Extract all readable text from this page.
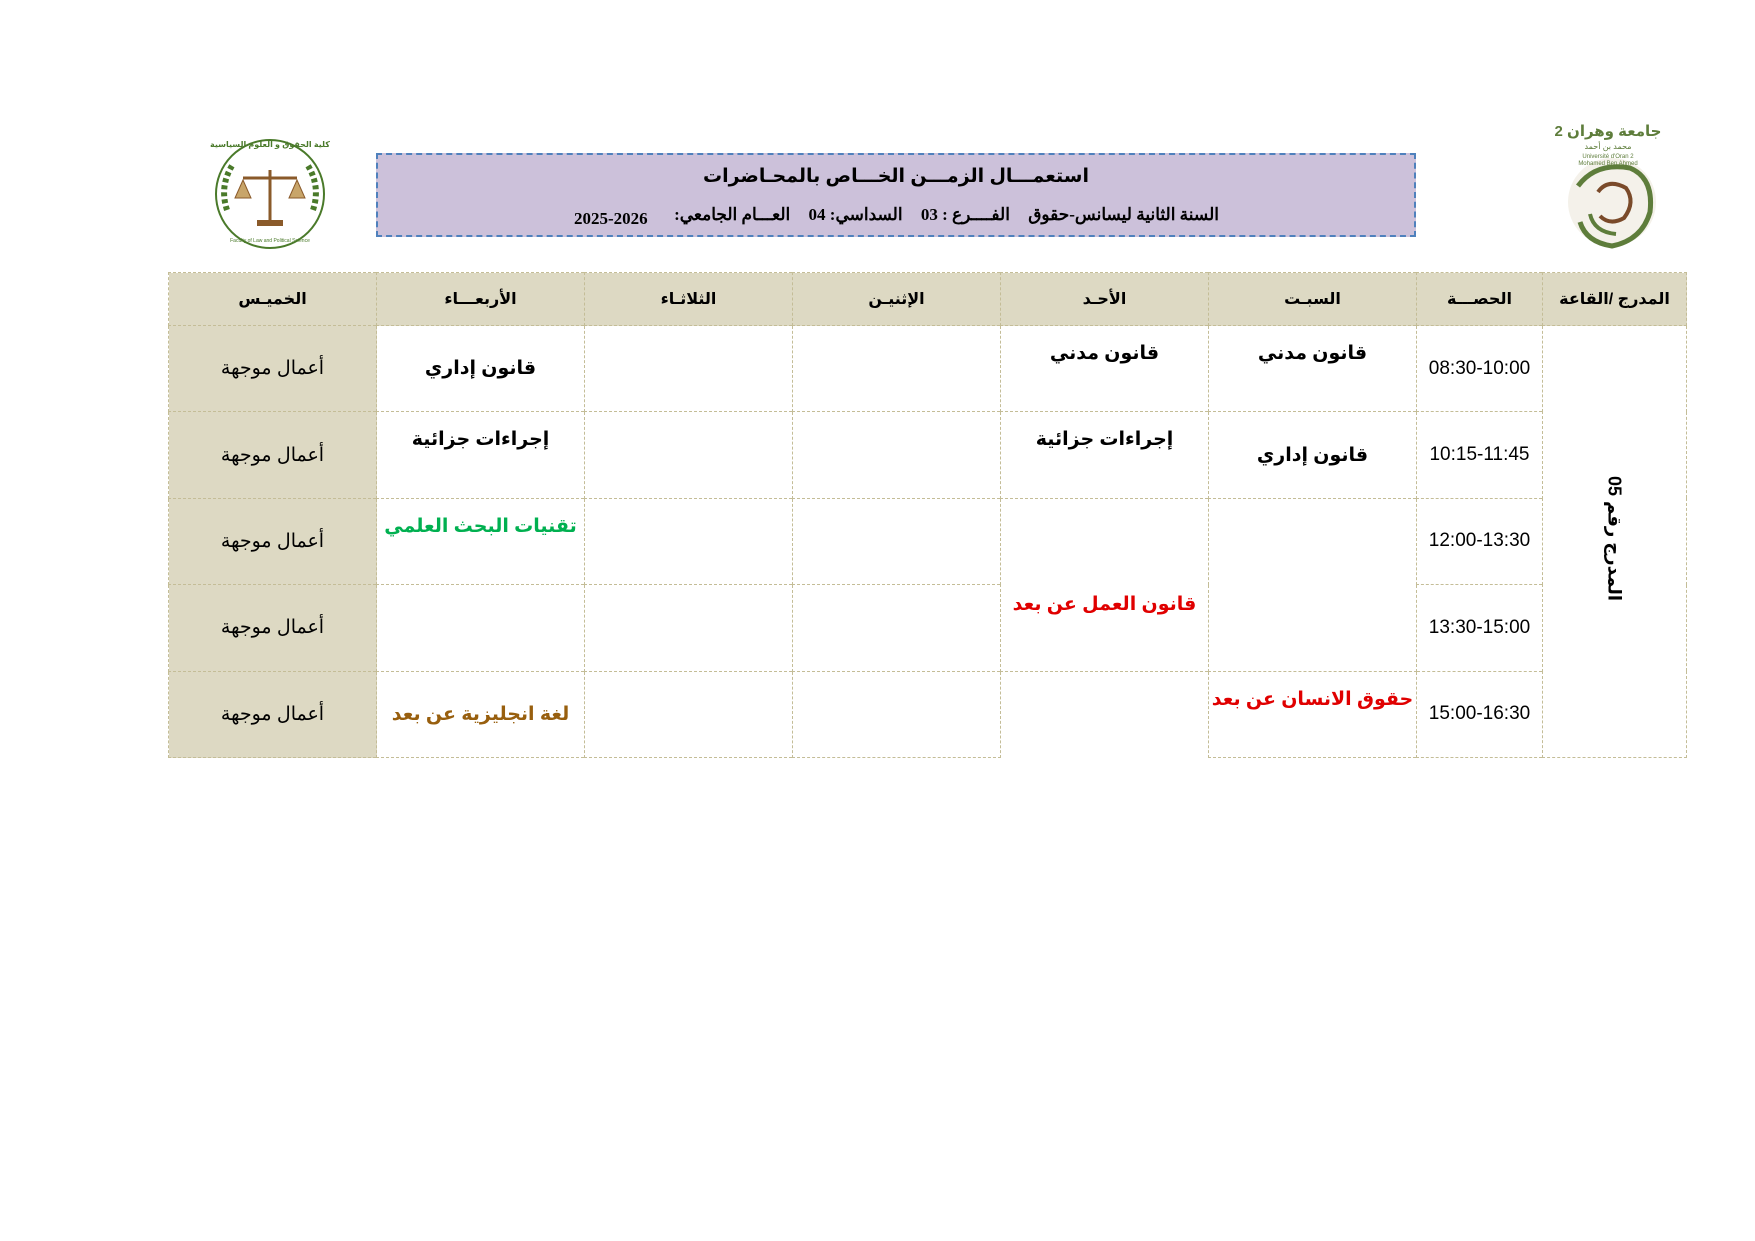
جامعة وهران 2
محمد بن أحمد
Université d'Oran 2
Mohamed Ben Ahmed
كلية الحقوق و العلوم السياسية
Faculty of Law and Political Science
استعمـــال الزمـــن الخـــاص بالمحـاضرات
السنة الثانية ليسانس-حقوق الفــــرع : 03 السداسي: 04 العـــام الجامعي:
2025-2026
المدرج /القاعة	الحصـــة	السبـت	الأحـد	الإثنيـن	الثلاثـاء	الأربعـــاء	الخميـس
المدرج رقم 05	08:30-10:00	قانون مدني	قانون مدني			قانون إداري	أعمال موجهة
	10:15-11:45	قانون إداري	إجراءات جزائية			إجراءات جزائية	أعمال موجهة
	12:00-13:30		قانون العمل عن بعد			تقنيات البحث العلمي	أعمال موجهة
	13:30-15:00						أعمال موجهة
	15:00-16:30	حقوق الانسان عن بعد				لغة انجليزية عن بعد	أعمال موجهة
